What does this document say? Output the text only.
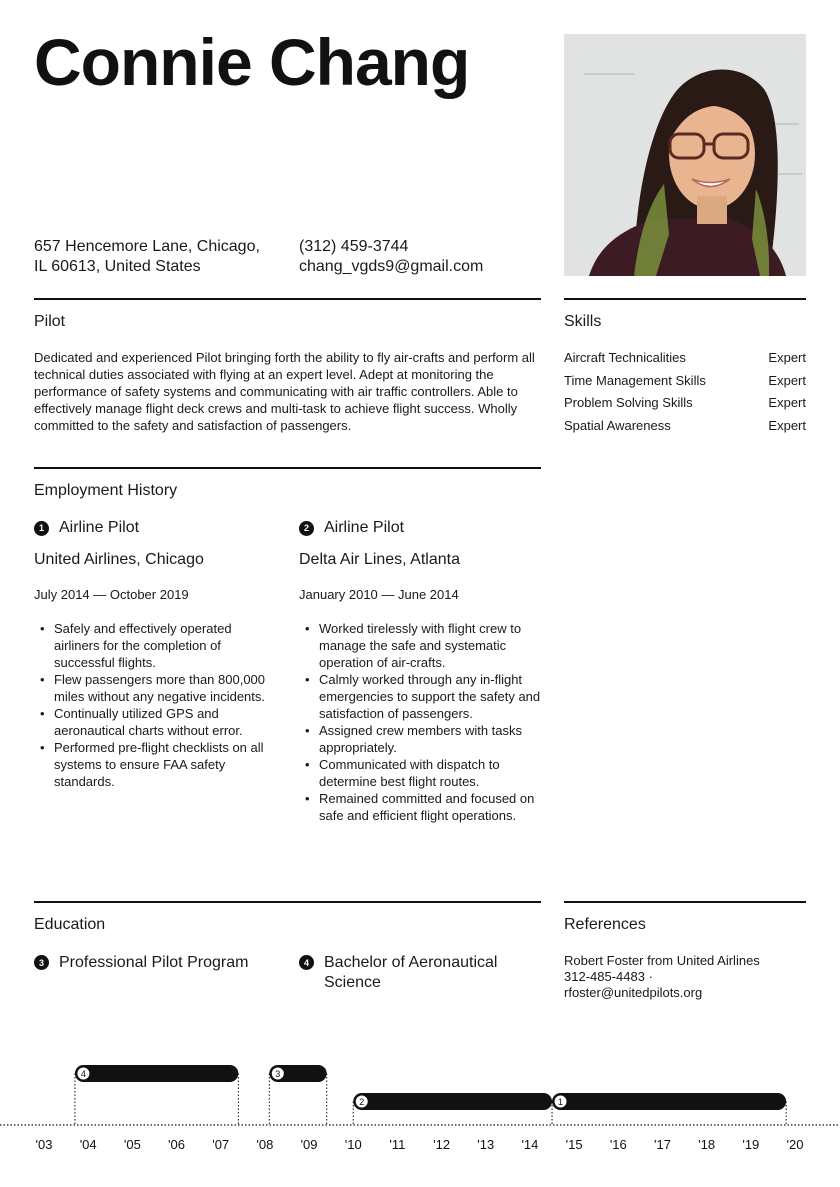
Connie Chang
657 Hencemore Lane, Chicago,
IL 60613, United States
(312) 459-3744
chang_vgds9@gmail.com
Pilot
Dedicated and experienced Pilot bringing forth the ability to fly air-crafts and perform all technical duties associated with flying at an expert level. Adept at monitoring the performance of safety systems and communicating with air traffic controllers. Able to effectively manage flight deck crews and multi-task to achieve flight success. Wholly committed to the safety and satisfaction of passengers.
Skills
Aircraft Technicalities	Expert
Time Management Skills	Expert
Problem Solving Skills	Expert
Spatial Awareness	Expert
Employment History
1 Airline Pilot
United Airlines, Chicago
July 2014 — October 2019
• Safely and effectively operated airliners for the completion of successful flights.
• Flew passengers more than 800,000 miles without any negative incidents.
• Continually utilized GPS and aeronautical charts without error.
• Performed pre-flight checklists on all systems to ensure FAA safety standards.
2 Airline Pilot
Delta Air Lines, Atlanta
January 2010 — June 2014
• Worked tirelessly with flight crew to manage the safe and systematic operation of air-crafts.
• Calmly worked through any in-flight emergencies to support the safety and satisfaction of passengers.
• Assigned crew members with tasks appropriately.
• Communicated with dispatch to determine best flight routes.
• Remained committed and focused on safe and efficient flight operations.
Education
3 Professional Pilot Program	4 Bachelor of Aeronautical Science
References
Robert Foster from United Airlines
312-485-4483 ·
rfoster@unitedpilots.org
'03 '04 '05 '06 '07 '08 '09 '10 '11 '12 '13 '14 '15 '16 '17 '18 '19 '20
4	3
2	1
